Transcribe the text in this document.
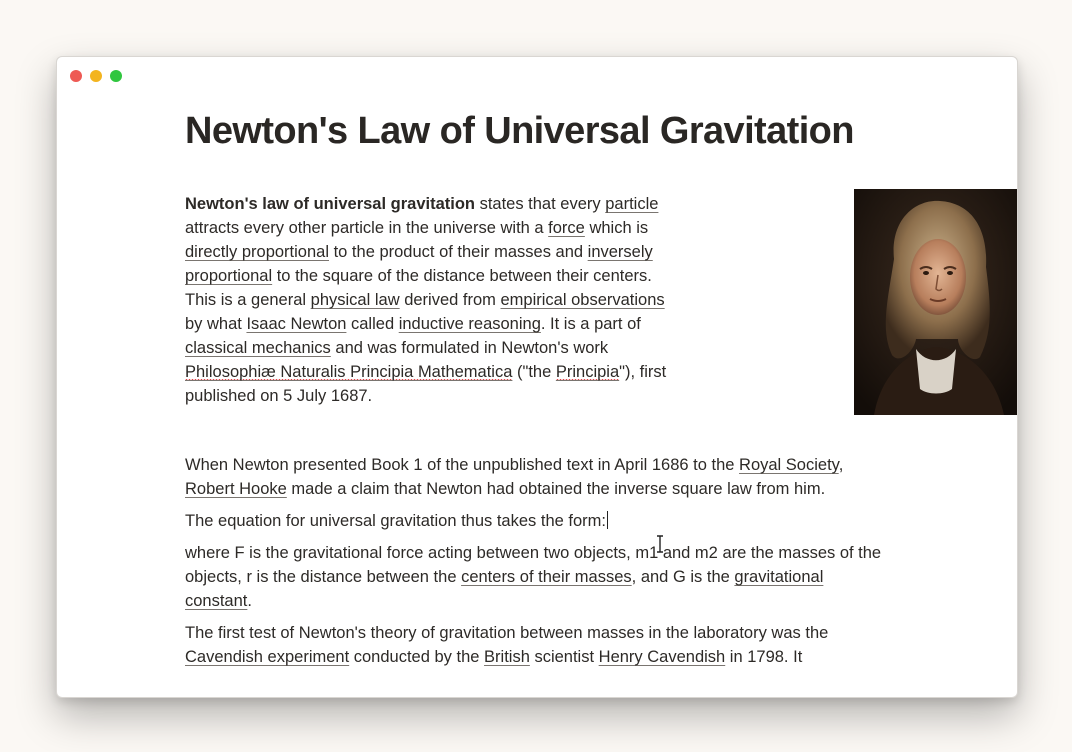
Newton's Law of Universal Gravitation

Newton's law of universal gravitation states that every particle attracts every other particle in the universe with a force which is directly proportional to the product of their masses and inversely proportional to the square of the distance between their centers. This is a general physical law derived from empirical observations by what Isaac Newton called inductive reasoning. It is a part of classical mechanics and was formulated in Newton's work Philosophiæ Naturalis Principia Mathematica ("the Principia"), first published on 5 July 1687.

When Newton presented Book 1 of the unpublished text in April 1686 to the Royal Society, Robert Hooke made a claim that Newton had obtained the inverse square law from him.

The equation for universal gravitation thus takes the form:

where F is the gravitational force acting between two objects, m1 and m2 are the masses of the objects, r is the distance between the centers of their masses, and G is the gravitational constant.

The first test of Newton's theory of gravitation between masses in the laboratory was the Cavendish experiment conducted by the British scientist Henry Cavendish in 1798. It
